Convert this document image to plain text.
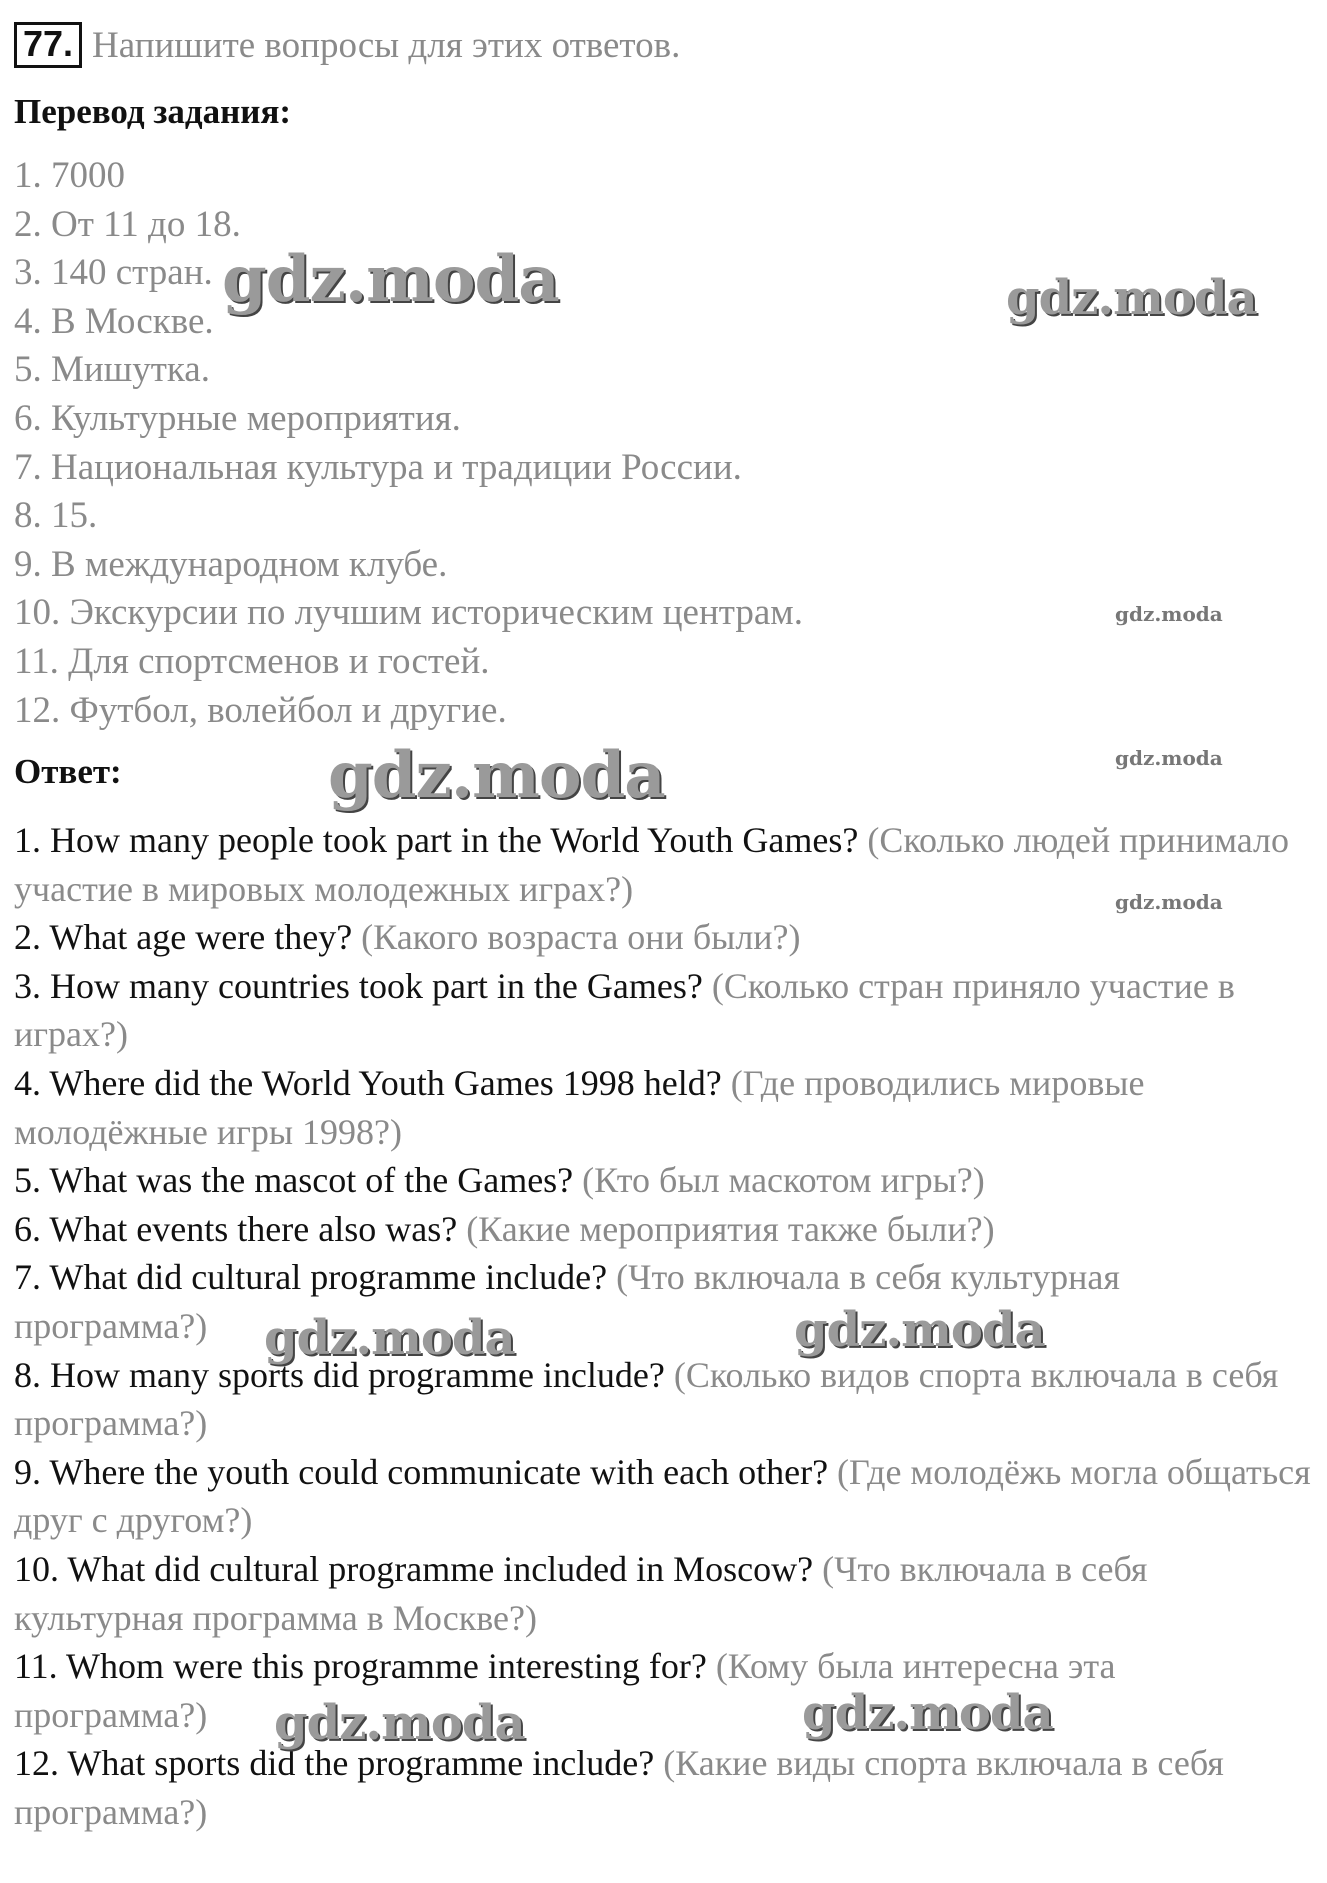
77. Напишите вопросы для этих ответов.
Перевод задания:
1. 7000
2. От 11 до 18.
3. 140 стран.
4. В Москве.
5. Мишутка.
6. Культурные мероприятия.
7. Национальная культура и традиции России.
8. 15.
9. В международном клубе.
10. Экскурсии по лучшим историческим центрам.
11. Для спортсменов и гостей.
12. Футбол, волейбол и другие.
Ответ:
1. How many people took part in the World Youth Games? (Сколько людей принимало участие в мировых молодежных играх?)
2. What age were they? (Какого возраста они были?)
3. How many countries took part in the Games? (Сколько стран приняло участие в играх?)
4. Where did the World Youth Games 1998 held? (Где проводились мировые молодёжные игры 1998?)
5. What was the mascot of the Games? (Кто был маскотом игры?)
6. What events there also was? (Какие мероприятия также были?)
7. What did cultural programme include? (Что включала в себя культурная программа?)
8. How many sports did programme include? (Сколько видов спорта включала в себя программа?)
9. Where the youth could communicate with each other? (Где молодёжь могла общаться друг с другом?)
10. What did cultural programme included in Moscow? (Что включала в себя культурная программа в Москве?)
11. Whom were this programme interesting for? (Кому была интересна эта программа?)
12. What sports did the programme include? (Какие виды спорта включала в себя программа?)
gdz.moda	gdz.moda
gdz.moda
gdz.moda	gdz.moda
gdz.moda
gdz.moda	gdz.moda
gdz.moda	gdz.moda
